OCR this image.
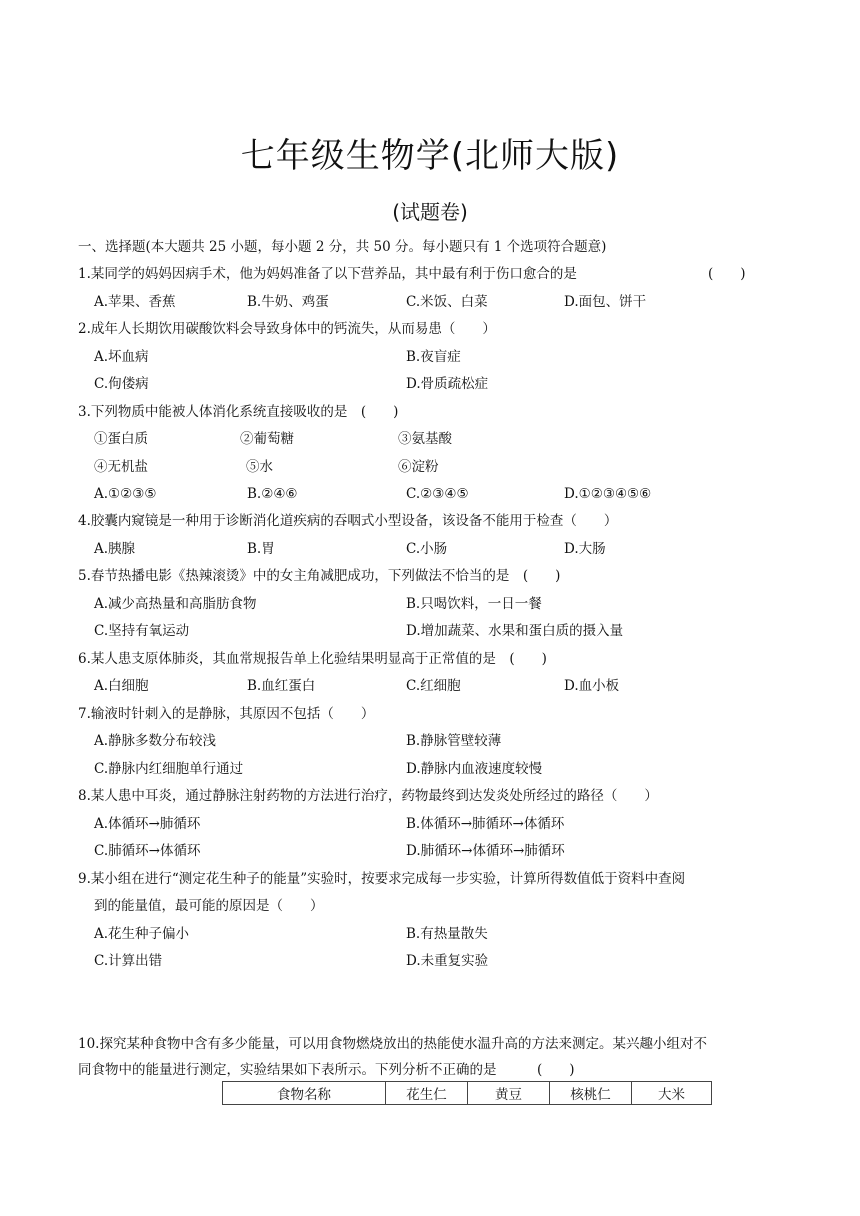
七年级生物学(北师大版)
(试题卷)
一、选择题(本大题共 25 小题，每小题 2 分，共 50 分。每小题只有 1 个选项符合题意)
1.某同学的妈妈因病手术，他为妈妈准备了以下营养品，其中最有利于伤口愈合的是	(　　)
A.苹果、香蕉	B.牛奶、鸡蛋	C.米饭、白菜	D.面包、饼干
2.成年人长期饮用碳酸饮料会导致身体中的钙流失，从而易患（　　）
A.坏血病	B.夜盲症
C.佝偻病	D.骨质疏松症
3.下列物质中能被人体消化系统直接吸收的是　(　　)
①蛋白质	②葡萄糖	③氨基酸
④无机盐	⑤水	⑥淀粉
A.①②③⑤	B.②④⑥	C.②③④⑤	D.①②③④⑤⑥
4.胶囊内窥镜是一种用于诊断消化道疾病的吞咽式小型设备，该设备不能用于检查（　　）
A.胰腺	B.胃	C.小肠	D.大肠
5.春节热播电影《热辣滚烫》中的女主角减肥成功，下列做法不恰当的是　(　　)
A.减少高热量和高脂肪食物	B.只喝饮料，一日一餐
C.坚持有氧运动	D.增加蔬菜、水果和蛋白质的摄入量
6.某人患支原体肺炎，其血常规报告单上化验结果明显高于正常值的是　(　　)
A.白细胞	B.血红蛋白	C.红细胞	D.血小板
7.输液时针刺入的是静脉，其原因不包括（　　）
A.静脉多数分布较浅	B.静脉管壁较薄
C.静脉内红细胞单行通过	D.静脉内血液速度较慢
8.某人患中耳炎，通过静脉注射药物的方法进行治疗，药物最终到达发炎处所经过的路径（　　）
A.体循环→肺循环	B.体循环→肺循环→体循环
C.肺循环→体循环	D.肺循环→体循环→肺循环
9.某小组在进行“测定花生种子的能量”实验时，按要求完成每一步实验，计算所得数值低于资料中查阅
到的能量值，最可能的原因是（　　）
A.花生种子偏小	B.有热量散失
C.计算出错	D.未重复实验
10.探究某种食物中含有多少能量，可以用食物燃烧放出的热能使水温升高的方法来测定。某兴趣小组对不
同食物中的能量进行测定，实验结果如下表所示。下列分析不正确的是　　　(　　)
食物名称	花生仁	黄豆	核桃仁	大米
